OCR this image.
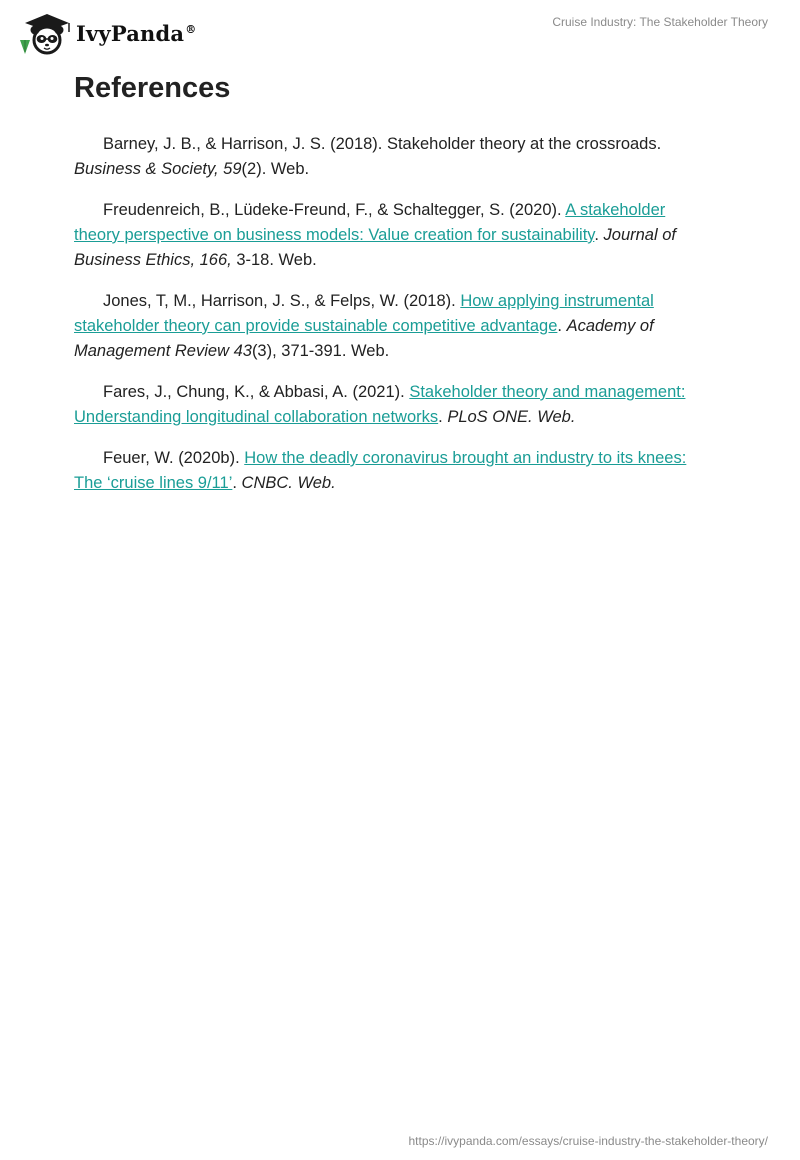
IvyPanda®	Cruise Industry: The Stakeholder Theory
References

Barney, J. B., & Harrison, J. S. (2018). Stakeholder theory at the crossroads. Business & Society, 59(2). Web.

Freudenreich, B., Lüdeke-Freund, F., & Schaltegger, S. (2020). A stakeholder theory perspective on business models: Value creation for sustainability. Journal of Business Ethics, 166, 3-18. Web.

Jones, T, M., Harrison, J. S., & Felps, W. (2018). How applying instrumental stakeholder theory can provide sustainable competitive advantage. Academy of Management Review 43(3), 371-391. Web.

Fares, J., Chung, K., & Abbasi, A. (2021). Stakeholder theory and management: Understanding longitudinal collaboration networks. PLoS ONE. Web.

Feuer, W. (2020b). How the deadly coronavirus brought an industry to its knees: The ‘cruise lines 9/11’. CNBC. Web.

https://ivypanda.com/essays/cruise-industry-the-stakeholder-theory/
